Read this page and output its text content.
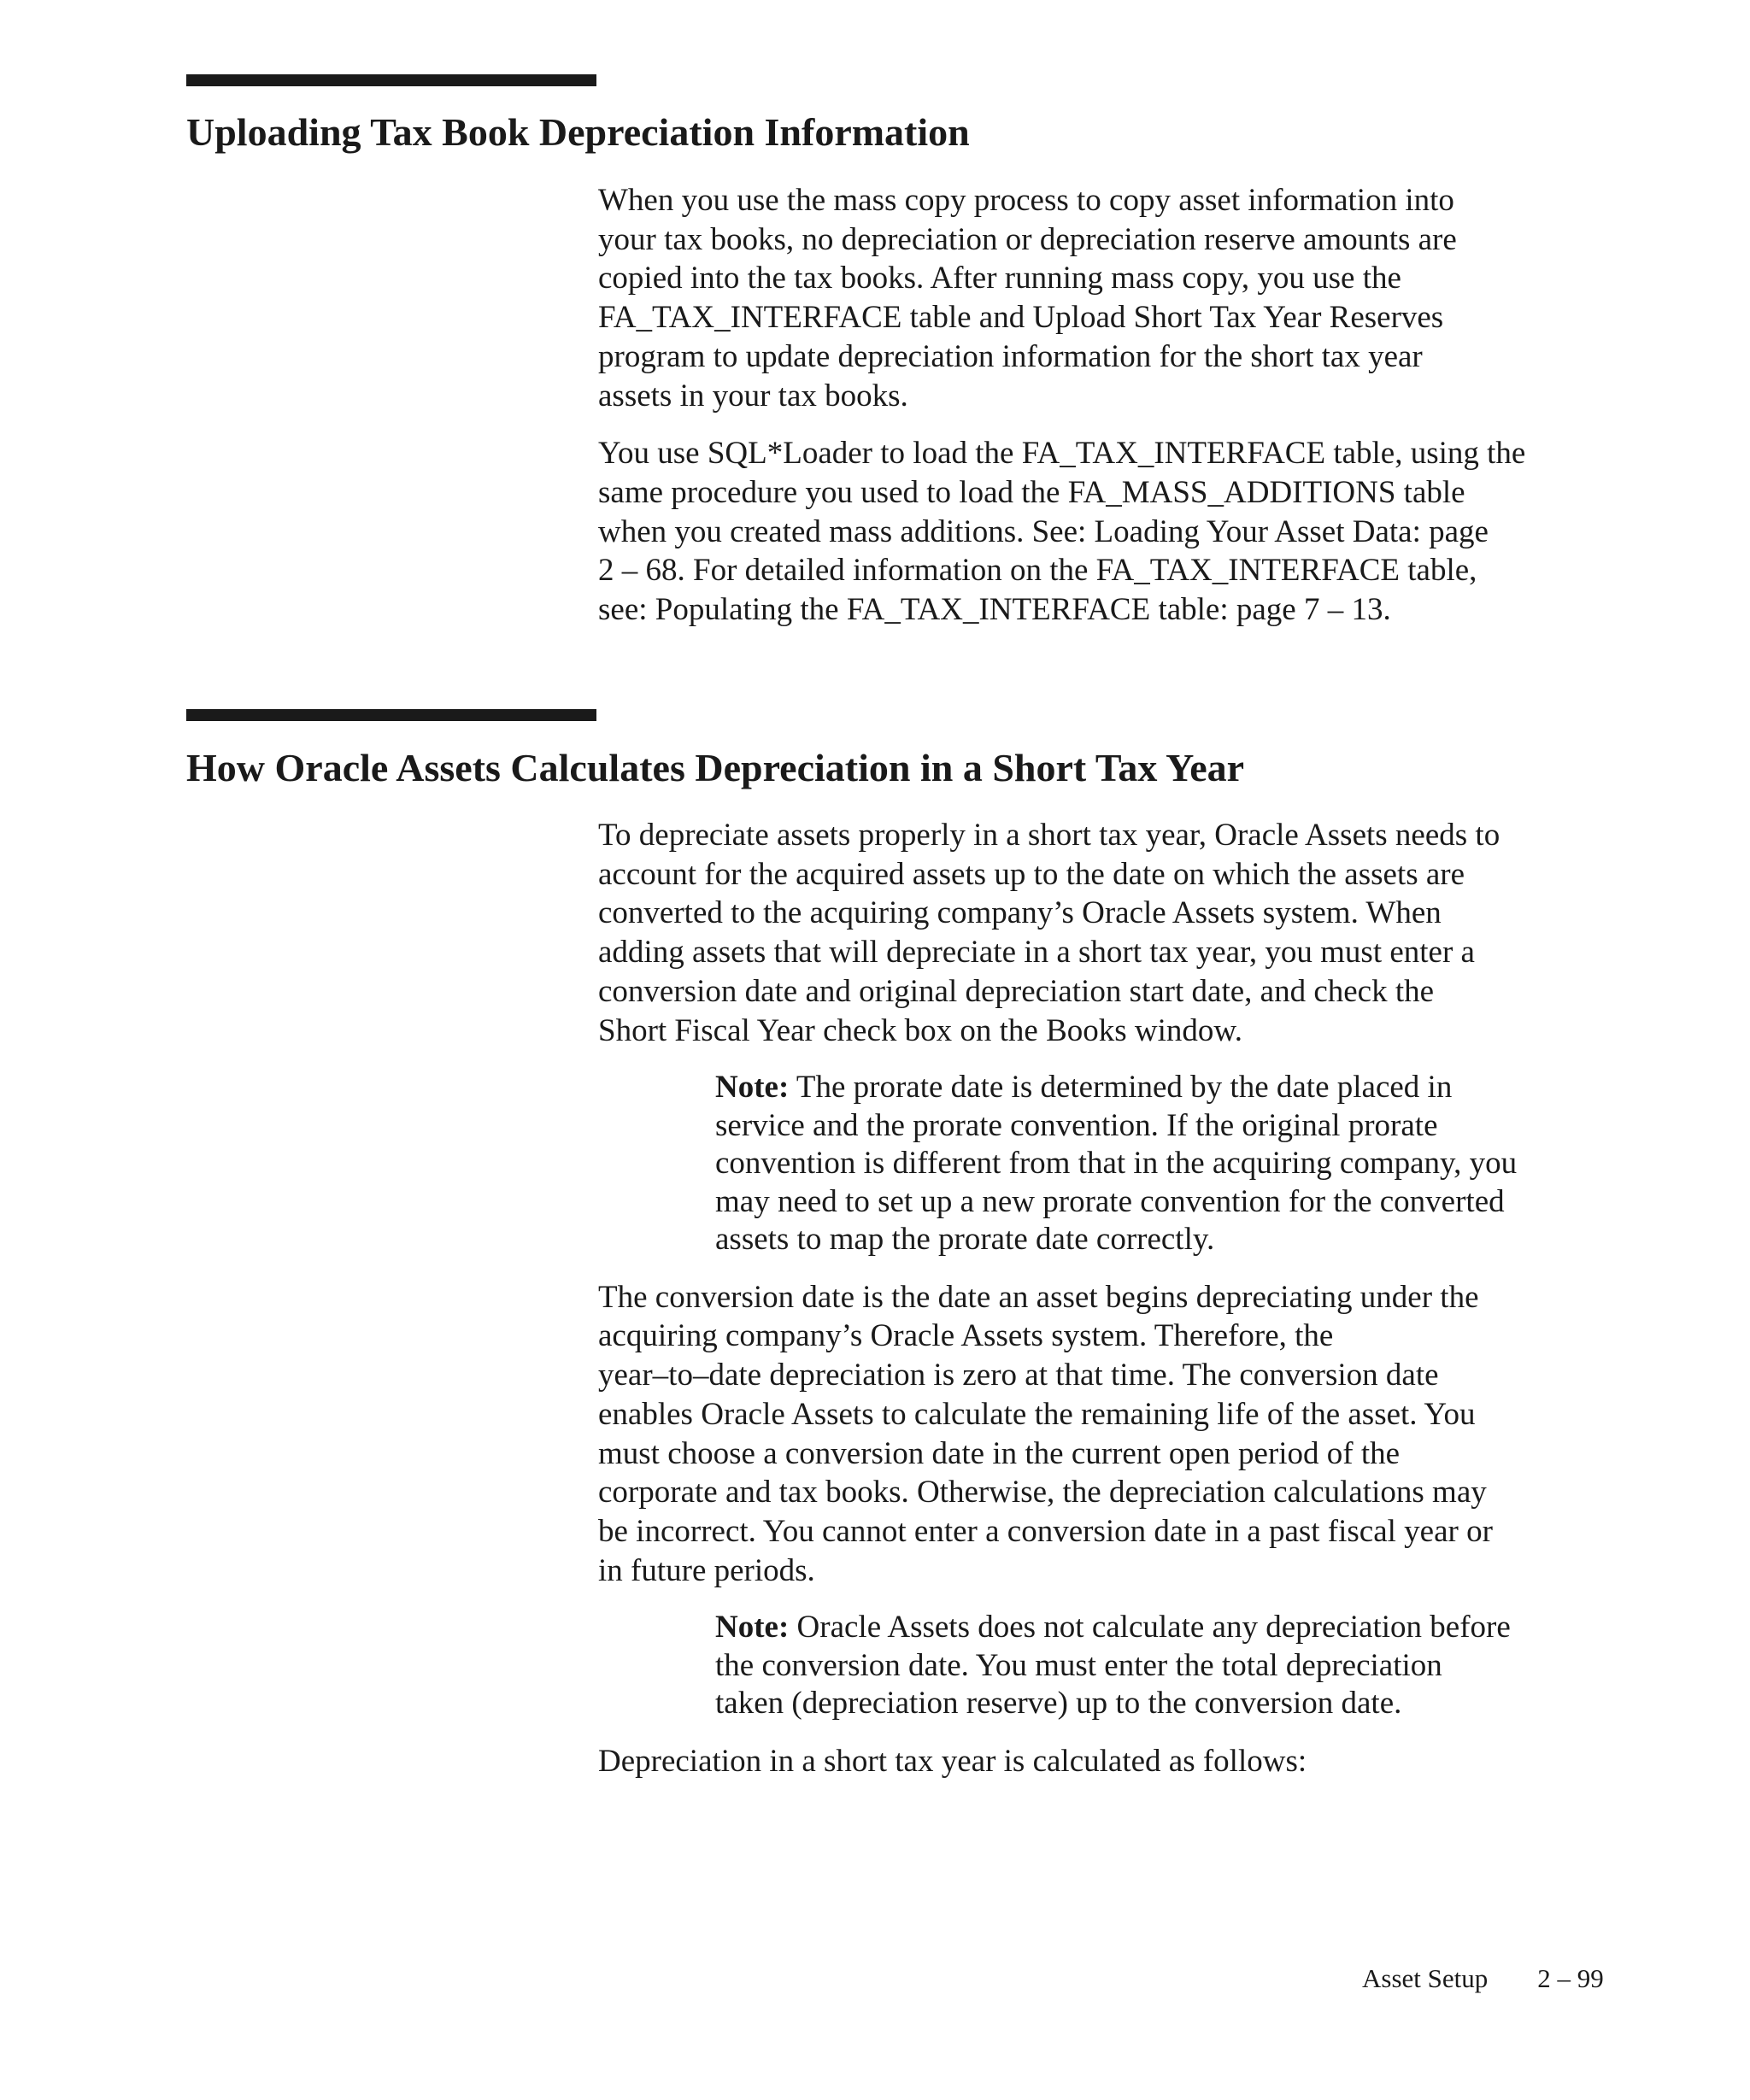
Uploading Tax Book Depreciation Information

When you use the mass copy process to copy asset information into
your tax books, no depreciation or depreciation reserve amounts are
copied into the tax books. After running mass copy, you use the
FA_TAX_INTERFACE table and Upload Short Tax Year Reserves
program to update depreciation information for the short tax year
assets in your tax books.

You use SQL*Loader to load the FA_TAX_INTERFACE table, using the
same procedure you used to load the FA_MASS_ADDITIONS table
when you created mass additions. See: Loading Your Asset Data: page
2 – 68. For detailed information on the FA_TAX_INTERFACE table,
see: Populating the FA_TAX_INTERFACE table: page 7 – 13.

How Oracle Assets Calculates Depreciation in a Short Tax Year

To depreciate assets properly in a short tax year, Oracle Assets needs to
account for the acquired assets up to the date on which the assets are
converted to the acquiring company’s Oracle Assets system. When
adding assets that will depreciate in a short tax year, you must enter a
conversion date and original depreciation start date, and check the
Short Fiscal Year check box on the Books window.

Note: The prorate date is determined by the date placed in
service and the prorate convention. If the original prorate
convention is different from that in the acquiring company, you
may need to set up a new prorate convention for the converted
assets to map the prorate date correctly.

The conversion date is the date an asset begins depreciating under the
acquiring company’s Oracle Assets system. Therefore, the
year–to–date depreciation is zero at that time. The conversion date
enables Oracle Assets to calculate the remaining life of the asset. You
must choose a conversion date in the current open period of the
corporate and tax books. Otherwise, the depreciation calculations may
be incorrect. You cannot enter a conversion date in a past fiscal year or
in future periods.

Note: Oracle Assets does not calculate any depreciation before
the conversion date. You must enter the total depreciation
taken (depreciation reserve) up to the conversion date.

Depreciation in a short tax year is calculated as follows:

Asset Setup 2 – 99
